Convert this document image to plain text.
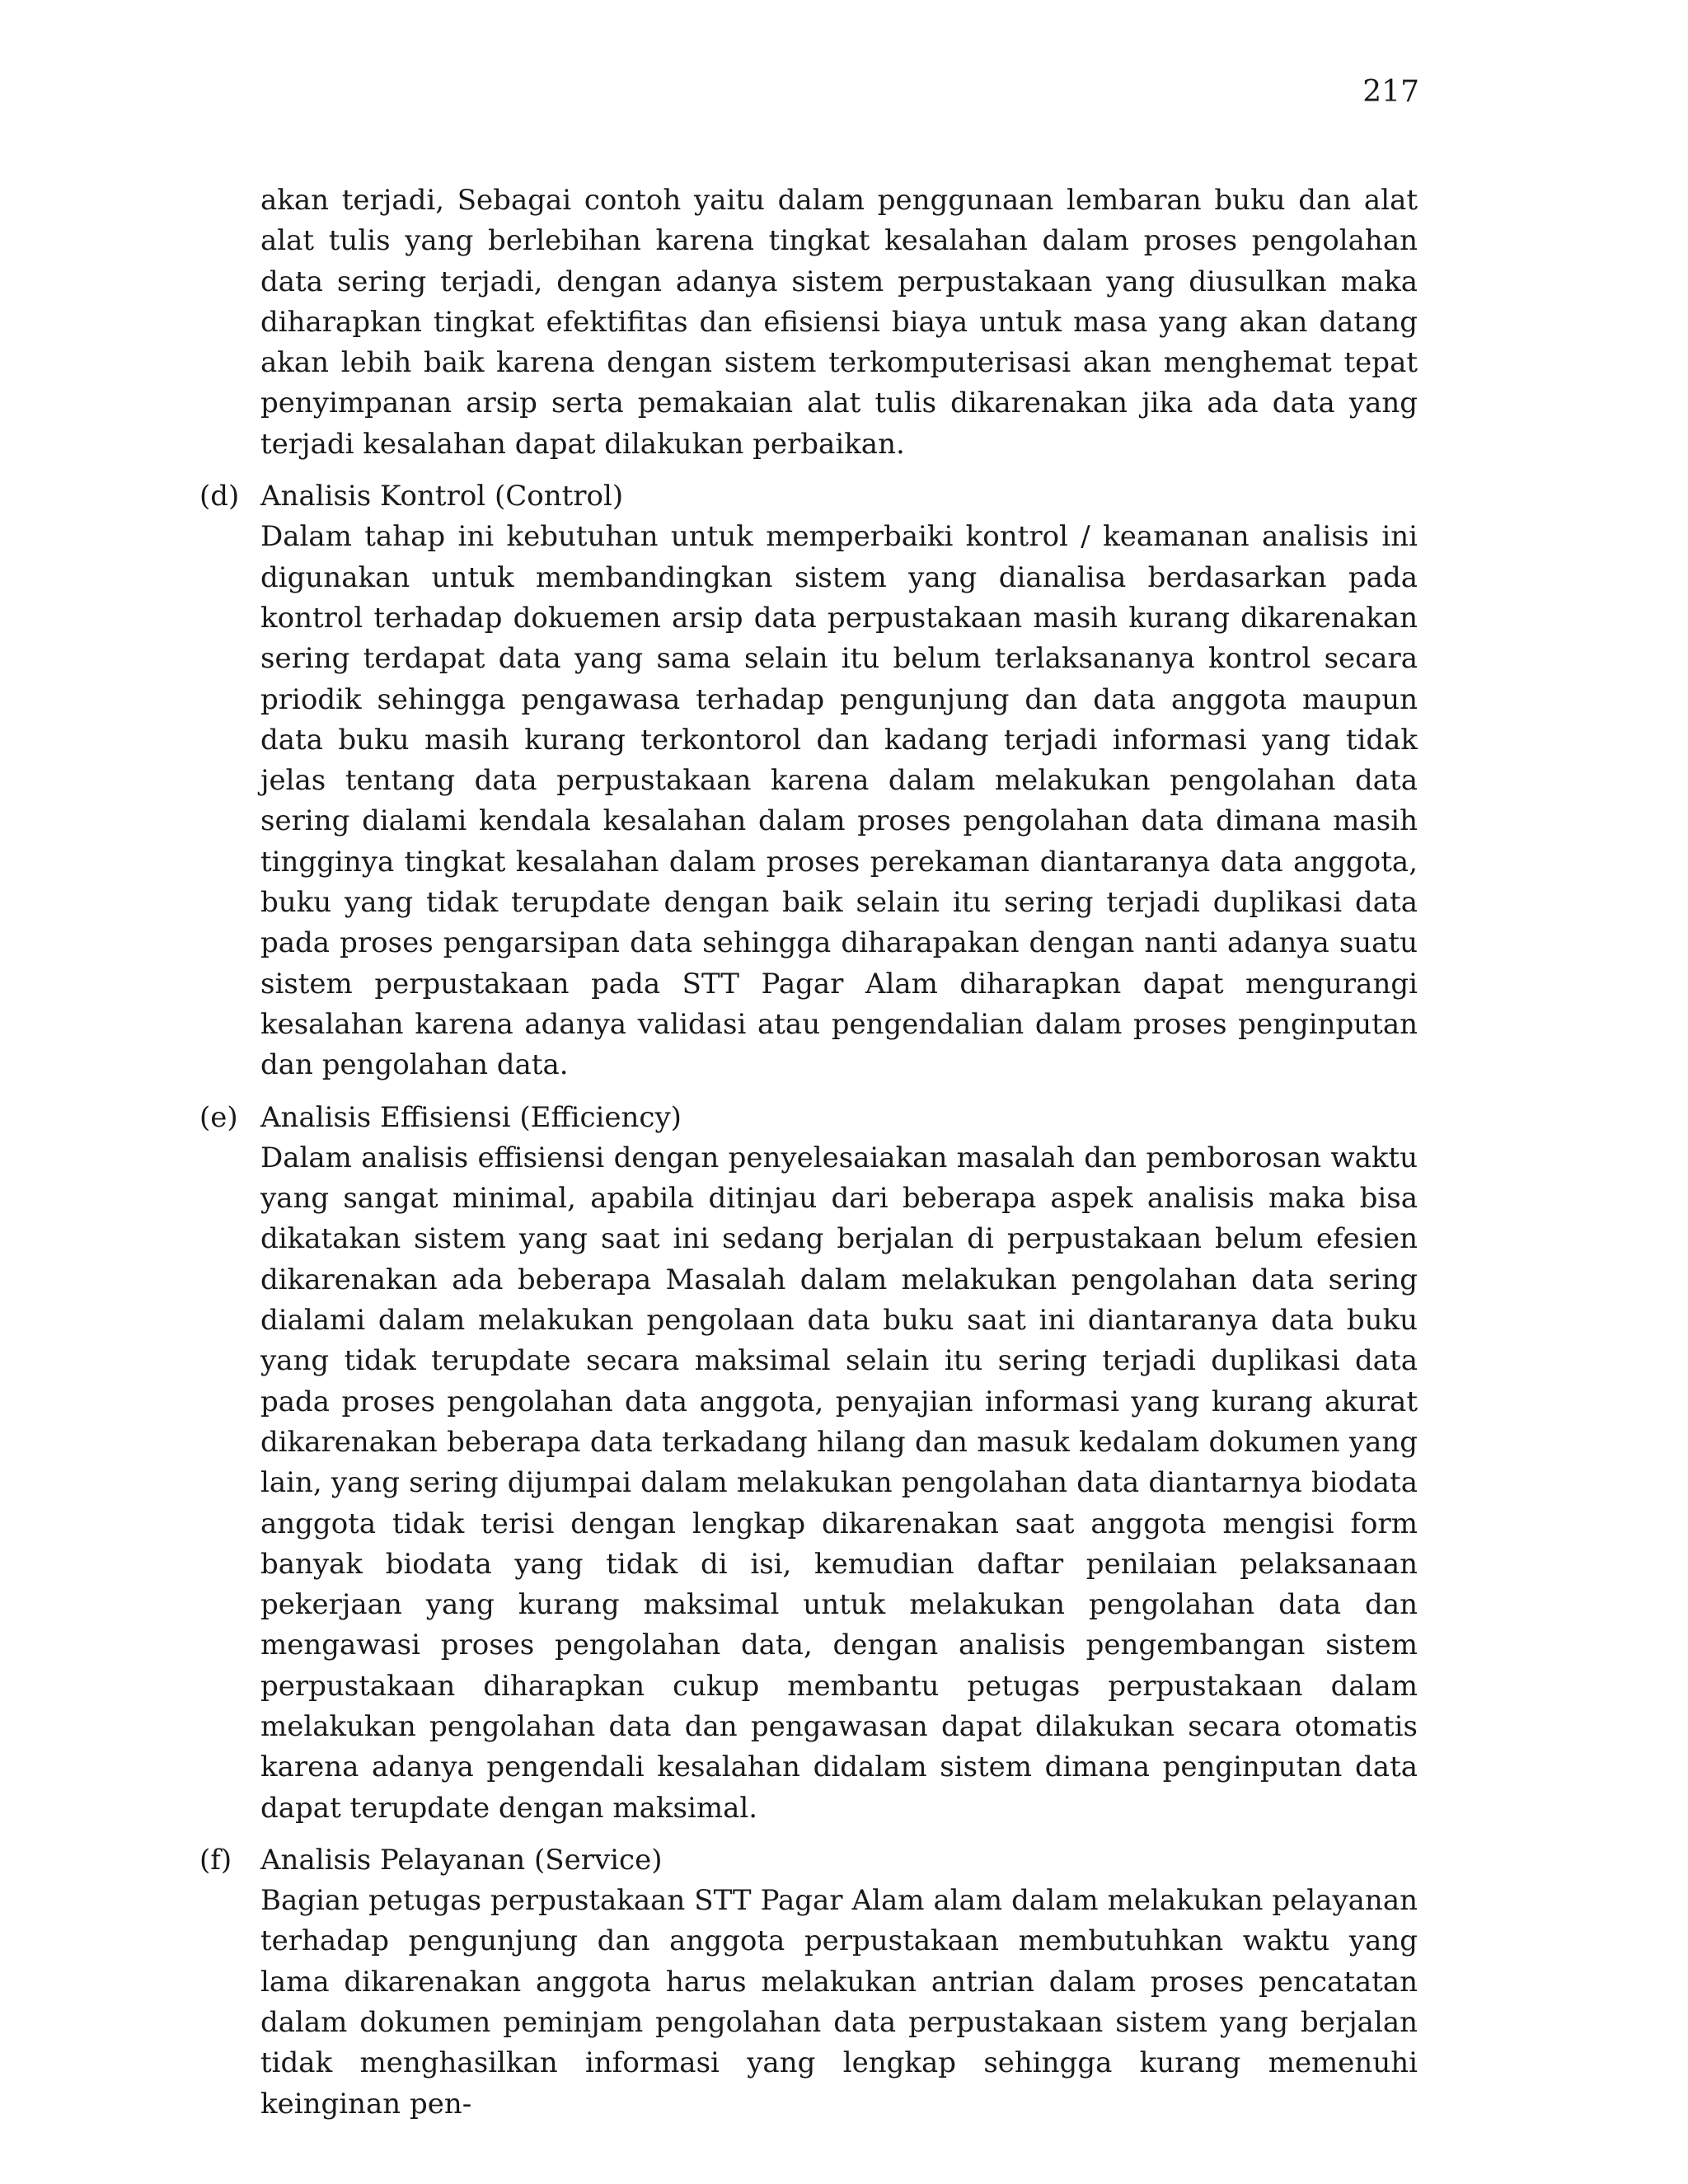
217

akan terjadi, Sebagai contoh yaitu dalam penggunaan lembaran buku dan alat alat tulis yang berlebihan karena tingkat kesalahan dalam proses pengolahan data sering terjadi, dengan adanya sistem perpustakaan yang diusulkan maka diharapkan tingkat efektifitas dan efisiensi biaya untuk masa yang akan datang akan lebih baik karena dengan sistem terkomputerisasi akan menghemat tepat penyimpanan arsip serta pemakaian alat tulis dikarenakan jika ada data yang terjadi kesalahan dapat dilakukan perbaikan.

(d) Analisis Kontrol (Control)

Dalam tahap ini kebutuhan untuk memperbaiki kontrol / keamanan analisis ini digunakan untuk membandingkan sistem yang dianalisa berdasarkan pada kontrol terhadap dokuemen arsip data perpustakaan masih kurang dikarenakan sering terdapat data yang sama selain itu belum terlaksananya kontrol secara priodik sehingga pengawasa terhadap pengunjung dan data anggota maupun data buku masih kurang terkontorol dan kadang terjadi informasi yang tidak jelas tentang data perpustakaan karena dalam melakukan pengolahan data sering dialami kendala kesalahan dalam proses pengolahan data dimana masih tingginya tingkat kesalahan dalam proses perekaman diantaranya data anggota, buku yang tidak terupdate dengan baik selain itu sering terjadi duplikasi data pada proses pengarsipan data sehingga diharapakan dengan nanti adanya suatu sistem perpustakaan pada STT Pagar Alam diharapkan dapat mengurangi kesalahan karena adanya validasi atau pengendalian dalam proses penginputan dan pengolahan data.

(e) Analisis Effisiensi (Efficiency)

Dalam analisis effisiensi dengan penyelesaiakan masalah dan pemborosan waktu yang sangat minimal, apabila ditinjau dari beberapa aspek analisis maka bisa dikatakan sistem yang saat ini sedang berjalan di perpustakaan belum efesien dikarenakan ada beberapa Masalah dalam melakukan pengolahan data sering dialami dalam melakukan pengolaan data buku saat ini diantaranya data buku yang tidak terupdate secara maksimal selain itu sering terjadi duplikasi data pada proses pengolahan data anggota, penyajian informasi yang kurang akurat dikarenakan beberapa data terkadang hilang dan masuk kedalam dokumen yang lain, yang sering dijumpai dalam melakukan pengolahan data diantarnya biodata anggota tidak terisi dengan lengkap dikarenakan saat anggota mengisi form banyak biodata yang tidak di isi, kemudian daftar penilaian pelaksanaan pekerjaan yang kurang maksimal untuk melakukan pengolahan data dan mengawasi proses pengolahan data, dengan analisis pengembangan sistem perpustakaan diharapkan cukup membantu petugas perpustakaan dalam melakukan pengolahan data dan pengawasan dapat dilakukan secara otomatis karena adanya pengendali kesalahan didalam sistem dimana penginputan data dapat terupdate dengan maksimal.

(f) Analisis Pelayanan (Service)

Bagian petugas perpustakaan STT Pagar Alam alam dalam melakukan pelayanan terhadap pengunjung dan anggota perpustakaan membutuhkan waktu yang lama dikarenakan anggota harus melakukan antrian dalam proses pencatatan dalam dokumen peminjam pengolahan data perpustakaan sistem yang berjalan tidak menghasilkan informasi yang lengkap sehingga kurang memenuhi keinginan pen-
